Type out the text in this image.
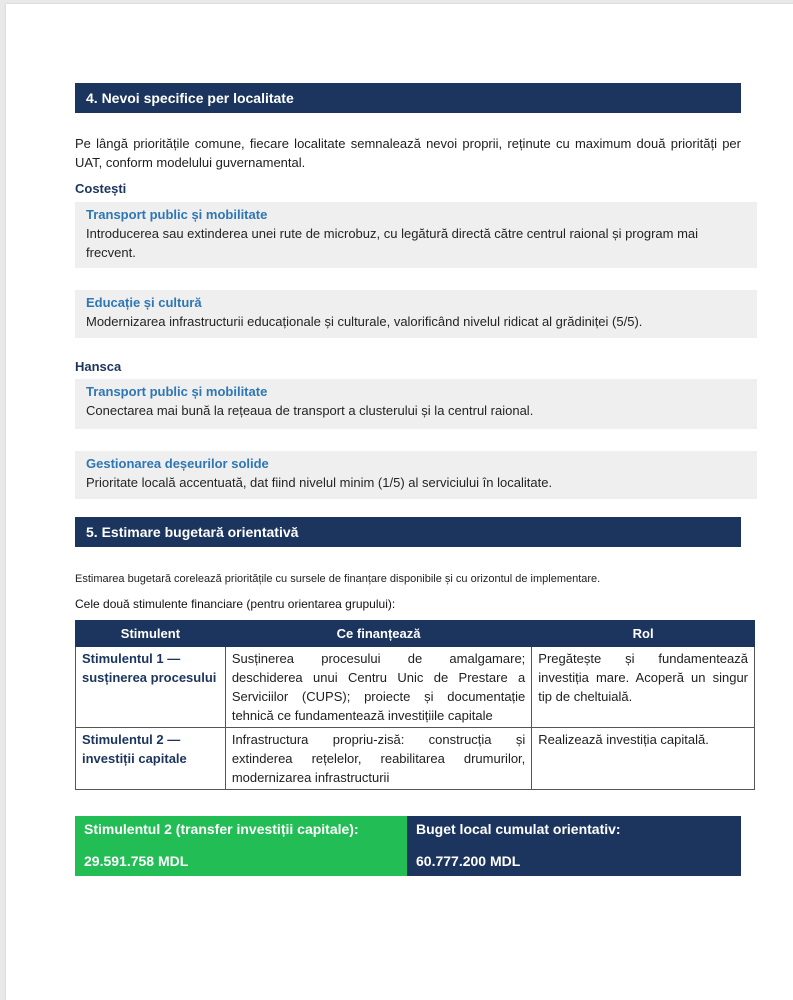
4. Nevoi specifice per localitate
Pe lângă prioritățile comune, fiecare localitate semnalează nevoi proprii, reținute cu maximum două priorități per UAT, conform modelului guvernamental.
Costești
Transport public și mobilitate
Introducerea sau extinderea unei rute de microbuz, cu legătură directă către centrul raional și program mai frecvent.
Educație și cultură
Modernizarea infrastructurii educaționale și culturale, valorificând nivelul ridicat al grădiniței (5/5).
Hansca
Transport public și mobilitate
Conectarea mai bună la rețeaua de transport a clusterului și la centrul raional.
Gestionarea deșeurilor solide
Prioritate locală accentuată, dat fiind nivelul minim (1/5) al serviciului în localitate.
5. Estimare bugetară orientativă
Estimarea bugetară corelează prioritățile cu sursele de finanțare disponibile și cu orizontul de implementare.
Cele două stimulente financiare (pentru orientarea grupului):
Stimulent	Ce finanțează	Rol
Stimulentul 1 — susținerea procesului	Susținerea procesului de amalgamare; deschiderea unui Centru Unic de Prestare a Serviciilor (CUPS); proiecte și documentație tehnică ce fundamentează investițiile capitale	Pregătește și fundamentează investiția mare. Acoperă un singur tip de cheltuială.
Stimulentul 2 — investiții capitale	Infrastructura propriu-zisă: construcția și extinderea rețelelor, reabilitarea drumurilor, modernizarea infrastructurii	Realizează investiția capitală.
Stimulentul 2 (transfer investiții capitale):
29.591.758 MDL
Buget local cumulat orientativ:
60.777.200 MDL
